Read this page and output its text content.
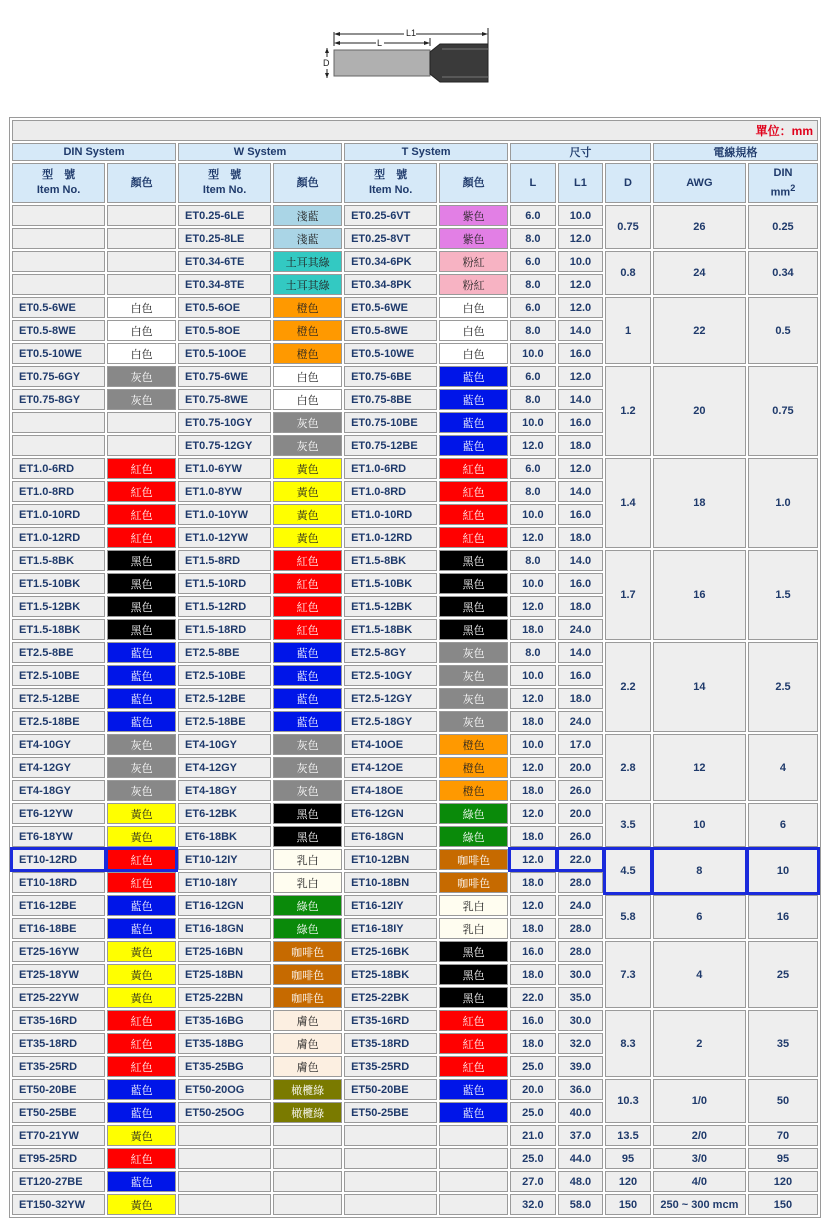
L1
L
D
單位：mm										
DIN System		W System		T System		尺寸			電線規格	
型　號
Item No.	顏色	型　號
Item No.	顏色	型　號
Item No.	顏色	L	L1	D	AWG	DIN
$mm^2$
		ET0.25-6LE	淺藍	ET0.25-6VT	紫色	6.0	10.0	0.75	26	0.25
		ET0.25-8LE	淺藍	ET0.25-8VT	紫色	8.0	12.0			
		ET0.34-6TE	土耳其綠	ET0.34-6PK	粉紅	6.0	10.0	0.8	24	0.34
		ET0.34-8TE	土耳其綠	ET0.34-8PK	粉紅	8.0	12.0			
ET0.5-6WE	白色	ET0.5-6OE	橙色	ET0.5-6WE	白色	6.0	12.0	1	22	0.5
ET0.5-8WE	白色	ET0.5-8OE	橙色	ET0.5-8WE	白色	8.0	14.0			
ET0.5-10WE	白色	ET0.5-10OE	橙色	ET0.5-10WE	白色	10.0	16.0			
ET0.75-6GY	灰色	ET0.75-6WE	白色	ET0.75-6BE	藍色	6.0	12.0	1.2	20	0.75
ET0.75-8GY	灰色	ET0.75-8WE	白色	ET0.75-8BE	藍色	8.0	14.0			
		ET0.75-10GY	灰色	ET0.75-10BE	藍色	10.0	16.0			
		ET0.75-12GY	灰色	ET0.75-12BE	藍色	12.0	18.0			
ET1.0-6RD	紅色	ET1.0-6YW	黃色	ET1.0-6RD	紅色	6.0	12.0	1.4	18	1.0
ET1.0-8RD	紅色	ET1.0-8YW	黃色	ET1.0-8RD	紅色	8.0	14.0			
ET1.0-10RD	紅色	ET1.0-10YW	黃色	ET1.0-10RD	紅色	10.0	16.0			
ET1.0-12RD	紅色	ET1.0-12YW	黃色	ET1.0-12RD	紅色	12.0	18.0			
ET1.5-8BK	黑色	ET1.5-8RD	紅色	ET1.5-8BK	黑色	8.0	14.0	1.7	16	1.5
ET1.5-10BK	黑色	ET1.5-10RD	紅色	ET1.5-10BK	黑色	10.0	16.0			
ET1.5-12BK	黑色	ET1.5-12RD	紅色	ET1.5-12BK	黑色	12.0	18.0			
ET1.5-18BK	黑色	ET1.5-18RD	紅色	ET1.5-18BK	黑色	18.0	24.0			
ET2.5-8BE	藍色	ET2.5-8BE	藍色	ET2.5-8GY	灰色	8.0	14.0	2.2	14	2.5
ET2.5-10BE	藍色	ET2.5-10BE	藍色	ET2.5-10GY	灰色	10.0	16.0			
ET2.5-12BE	藍色	ET2.5-12BE	藍色	ET2.5-12GY	灰色	12.0	18.0			
ET2.5-18BE	藍色	ET2.5-18BE	藍色	ET2.5-18GY	灰色	18.0	24.0			
ET4-10GY	灰色	ET4-10GY	灰色	ET4-10OE	橙色	10.0	17.0	2.8	12	4
ET4-12GY	灰色	ET4-12GY	灰色	ET4-12OE	橙色	12.0	20.0			
ET4-18GY	灰色	ET4-18GY	灰色	ET4-18OE	橙色	18.0	26.0			
ET6-12YW	黃色	ET6-12BK	黑色	ET6-12GN	綠色	12.0	20.0	3.5	10	6
ET6-18YW	黃色	ET6-18BK	黑色	ET6-18GN	綠色	18.0	26.0			
ET10-12RD	紅色	ET10-12IY	乳白	ET10-12BN	咖啡色	12.0	22.0	4.5	8	10
ET10-18RD	紅色	ET10-18IY	乳白	ET10-18BN	咖啡色	18.0	28.0			
ET16-12BE	藍色	ET16-12GN	綠色	ET16-12IY	乳白	12.0	24.0	5.8	6	16
ET16-18BE	藍色	ET16-18GN	綠色	ET16-18IY	乳白	18.0	28.0			
ET25-16YW	黃色	ET25-16BN	咖啡色	ET25-16BK	黑色	16.0	28.0	7.3	4	25
ET25-18YW	黃色	ET25-18BN	咖啡色	ET25-18BK	黑色	18.0	30.0			
ET25-22YW	黃色	ET25-22BN	咖啡色	ET25-22BK	黑色	22.0	35.0			
ET35-16RD	紅色	ET35-16BG	膚色	ET35-16RD	紅色	16.0	30.0	8.3	2	35
ET35-18RD	紅色	ET35-18BG	膚色	ET35-18RD	紅色	18.0	32.0			
ET35-25RD	紅色	ET35-25BG	膚色	ET35-25RD	紅色	25.0	39.0			
ET50-20BE	藍色	ET50-20OG	橄欖綠	ET50-20BE	藍色	20.0	36.0	10.3	1/0	50
ET50-25BE	藍色	ET50-25OG	橄欖綠	ET50-25BE	藍色	25.0	40.0			
ET70-21YW	黃色					21.0	37.0	13.5	2/0	70
ET95-25RD	紅色					25.0	44.0	95	3/0	95
ET120-27BE	藍色					27.0	48.0	120	4/0	120
ET150-32YW	黃色					32.0	58.0	150	250 ~ 300 mcm	150
